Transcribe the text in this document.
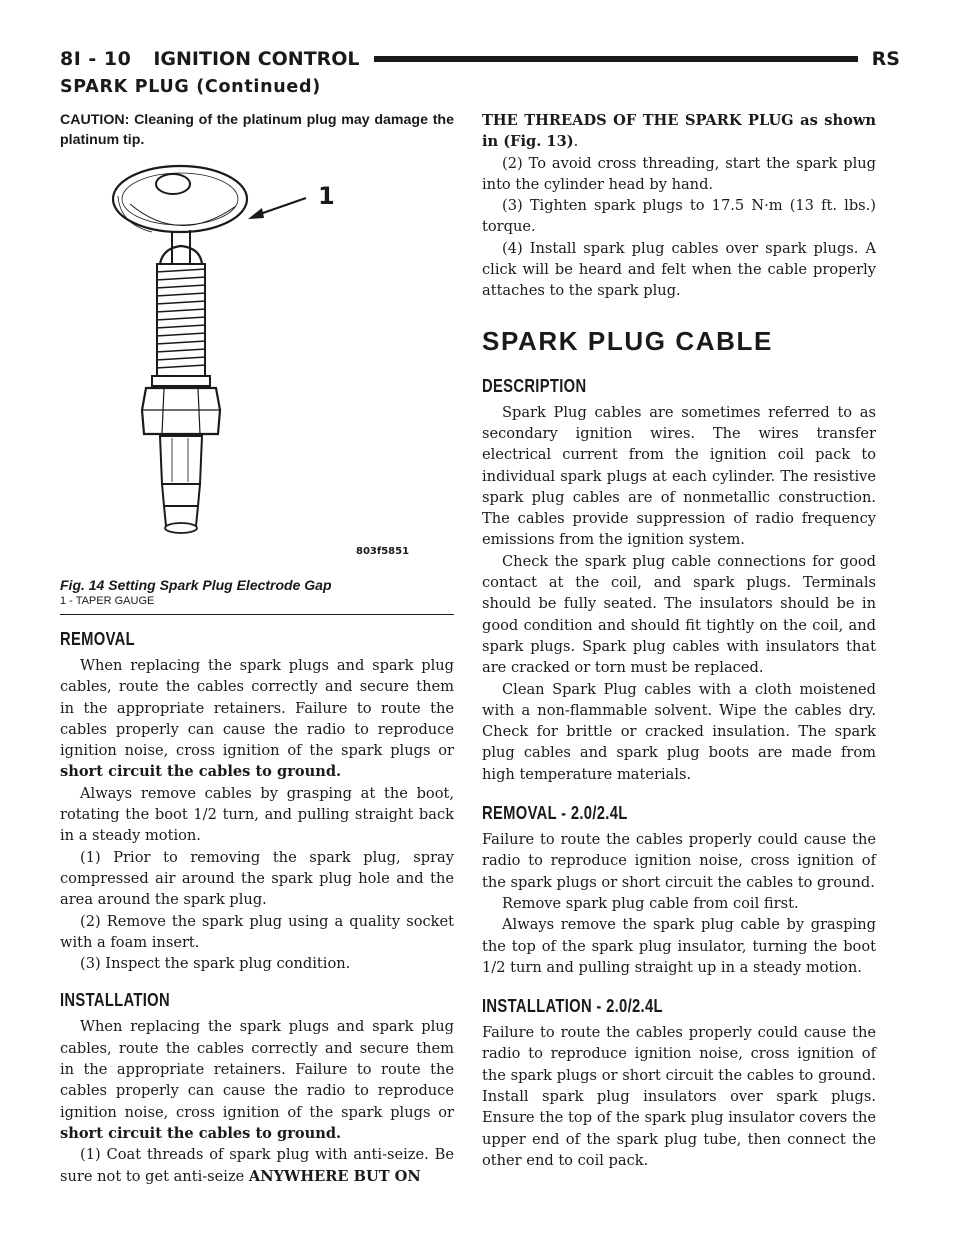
8I - 10 IGNITION CONTROL	RS
SPARK PLUG (Continued)

CAUTION: Cleaning of the platinum plug may damage the platinum tip.

1
803f5851

Fig. 14 Setting Spark Plug Electrode Gap

1 - TAPER GAUGE

REMOVAL

When replacing the spark plugs and spark plug cables, route the cables correctly and secure them in the appropriate retainers. Failure to route the cables properly can cause the radio to reproduce ignition noise, cross ignition of the spark plugs or short circuit the cables to ground.

Always remove cables by grasping at the boot, rotating the boot 1/2 turn, and pulling straight back in a steady motion.

(1) Prior to removing the spark plug, spray compressed air around the spark plug hole and the area around the spark plug.

(2) Remove the spark plug using a quality socket with a foam insert.

(3) Inspect the spark plug condition.

INSTALLATION

When replacing the spark plugs and spark plug cables, route the cables correctly and secure them in the appropriate retainers. Failure to route the cables properly can cause the radio to reproduce ignition noise, cross ignition of the spark plugs or short circuit the cables to ground.

(1) Coat threads of spark plug with anti-seize. Be sure not to get anti-seize ANYWHERE BUT ON

THE THREADS OF THE SPARK PLUG as shown in (Fig. 13).

(2) To avoid cross threading, start the spark plug into the cylinder head by hand.

(3) Tighten spark plugs to 17.5 N·m (13 ft. lbs.) torque.

(4) Install spark plug cables over spark plugs. A click will be heard and felt when the cable properly attaches to the spark plug.

SPARK PLUG CABLE
DESCRIPTION

Spark Plug cables are sometimes referred to as secondary ignition wires. The wires transfer electrical current from the ignition coil pack to individual spark plugs at each cylinder. The resistive spark plug cables are of nonmetallic construction. The cables provide suppression of radio frequency emissions from the ignition system.

Check the spark plug cable connections for good contact at the coil, and spark plugs. Terminals should be fully seated. The insulators should be in good condition and should fit tightly on the coil, and spark plugs. Spark plug cables with insulators that are cracked or torn must be replaced.

Clean Spark Plug cables with a cloth moistened with a non-flammable solvent. Wipe the cables dry. Check for brittle or cracked insulation. The spark plug cables and spark plug boots are made from high temperature materials.

REMOVAL - 2.0/2.4L

Failure to route the cables properly could cause the radio to reproduce ignition noise, cross ignition of the spark plugs or short circuit the cables to ground.

Remove spark plug cable from coil first.

Always remove the spark plug cable by grasping the top of the spark plug insulator, turning the boot 1/2 turn and pulling straight up in a steady motion.

INSTALLATION - 2.0/2.4L

Failure to route the cables properly could cause the radio to reproduce ignition noise, cross ignition of the spark plugs or short circuit the cables to ground. Install spark plug insulators over spark plugs. Ensure the top of the spark plug insulator covers the upper end of the spark plug tube, then connect the other end to coil pack.
